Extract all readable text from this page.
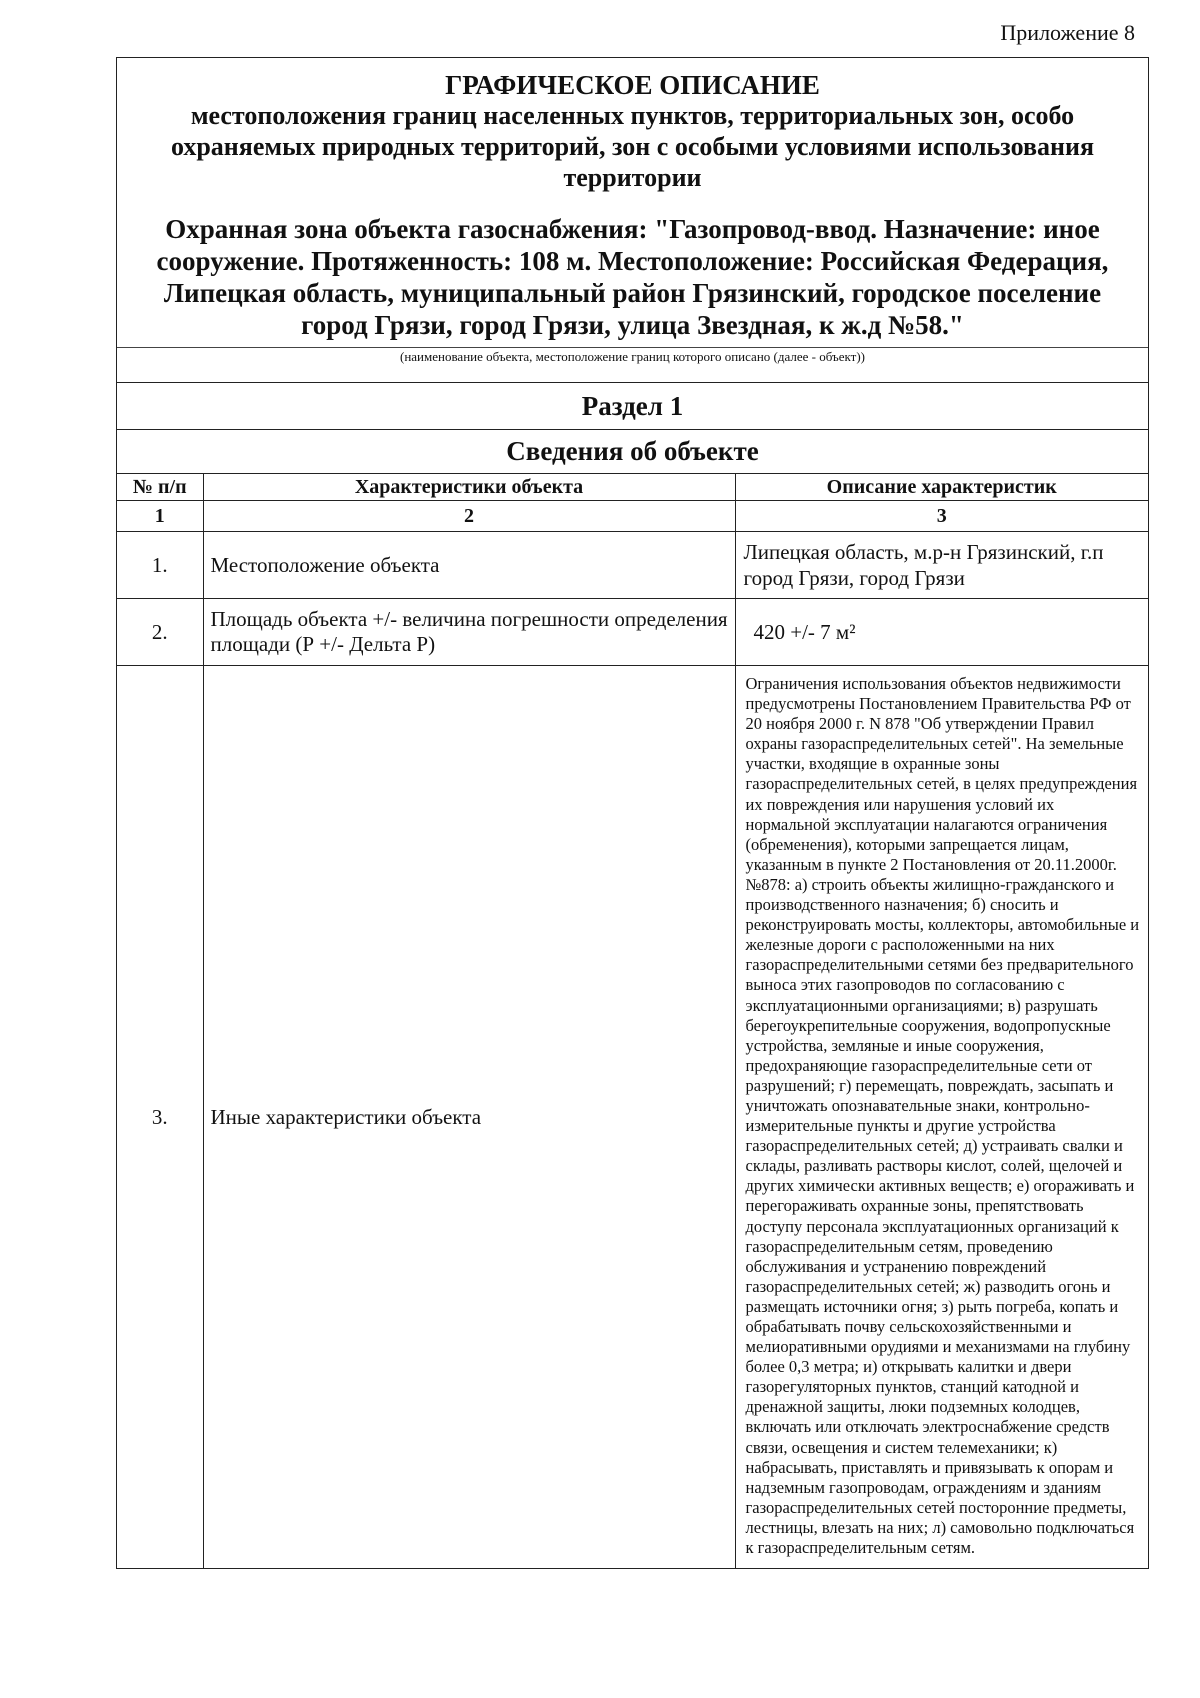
Приложение 8
ГРАФИЧЕСКОЕ ОПИСАНИЕ
местоположения границ населенных пунктов, территориальных зон, особо охраняемых природных территорий, зон с особыми условиями использования территории
Охранная зона объекта газоснабжения: "Газопровод-ввод. Назначение: иное сооружение. Протяженность: 108 м. Местоположение: Российская Федерация, Липецкая область, муниципальный район Грязинский, городское поселение город Грязи, город Грязи, улица Звездная, к ж.д №58."
(наименование объекта, местоположение границ которого описано (далее - объект))
Раздел 1
Сведения об объекте
№ п/п	Характеристики объекта	Описание характеристик
1	2	3
1.	Местоположение объекта	Липецкая область, м.р-н Грязинский, г.п город Грязи, город Грязи
2.	Площадь объекта +/- величина погрешности определения площади (Р +/- Дельта Р)	420 +/- 7 м²
3.	Иные характеристики объекта	Ограничения использования объектов недвижимости предусмотрены Постановлением Правительства РФ от 20 ноября 2000 г. N 878 "Об утверждении Правил охраны газораспределительных сетей". На земельные участки, входящие в охранные зоны газораспределительных сетей, в целях предупреждения их повреждения или нарушения условий их нормальной эксплуатации налагаются ограничения (обременения), которыми запрещается лицам, указанным в пункте 2 Постановления от 20.11.2000г. №878: а) строить объекты жилищно-гражданского и производственного назначения; б) сносить и реконструировать мосты, коллекторы, автомобильные и железные дороги с расположенными на них газораспределительными сетями без предварительного выноса этих газопроводов по согласованию с эксплуатационными организациями; в) разрушать берегоукрепительные сооружения, водопропускные устройства, земляные и иные сооружения, предохраняющие газораспределительные сети от разрушений; г) перемещать, повреждать, засыпать и уничтожать опознавательные знаки, контрольно-измерительные пункты и другие устройства газораспределительных сетей; д) устраивать свалки и склады, разливать растворы кислот, солей, щелочей и других химически активных веществ; е) огораживать и перегораживать охранные зоны, препятствовать доступу персонала эксплуатационных организаций к газораспределительным сетям, проведению обслуживания и устранению повреждений газораспределительных сетей; ж) разводить огонь и размещать источники огня; з) рыть погреба, копать и обрабатывать почву сельскохозяйственными и мелиоративными орудиями и механизмами на глубину более 0,3 метра; и) открывать калитки и двери газорегуляторных пунктов, станций катодной и дренажной защиты, люки подземных колодцев, включать или отключать электроснабжение средств связи, освещения и систем телемеханики; к) набрасывать, приставлять и привязывать к опорам и надземным газопроводам, ограждениям и зданиям газораспределительных сетей посторонние предметы, лестницы, влезать на них; л) самовольно подключаться к газораспределительным сетям.
